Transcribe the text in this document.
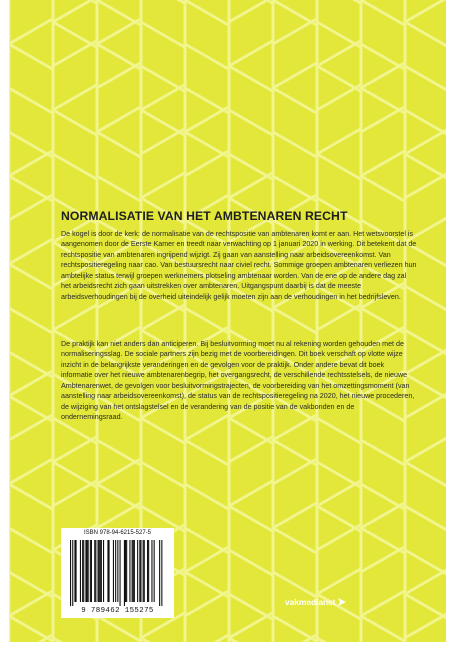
NORMALISATIE VAN HET AMBTENAREN RECHT

De kogel is door de kerk: de normalisatie van de rechtspositie van ambtenaren komt er aan. Het wetsvoorstel is aangenomen door de Eerste Kamer en treedt naar verwachting op 1 januari 2020 in werking. Dit betekent dat de rechtspositie van ambtenaren ingrijpend wijzigt. Zij gaan van aanstelling naar arbeidsovereenkomst. Van rechtspositieregeling naar cao. Van bestuursrecht naar civiel recht. Sommige groepen ambtenaren verliezen hun ambtelijke status terwijl groepen werknemers plotseling ambtenaar worden. Van de ene op de andere dag zal het arbeidsrecht zich gaan uitstrekken over ambtenaren. Uitgangspunt daarbij is dat de meeste arbeidsverhoudingen bij de overheid uiteindelijk gelijk moeten zijn aan de verhoudingen in het bedrijfsleven.

De praktijk kan niet anders dan anticiperen. Bij besluitvorming moet nu al rekening worden gehouden met de normaliseringsslag. De sociale partners zijn bezig met de voorbereidingen. Dit boek verschaft op vlotte wijze inzicht in de belangrijkste veranderingen en de gevolgen voor de praktijk. Onder andere bevat dit boek informatie over het nieuwe ambtenarenbegrip, het overgangsrecht, de verschillende rechtsstelsels, de nieuwe Ambtenarenwet, de gevolgen voor besluitvormingstrajecten, de voorbereiding van het omzettingsmoment (van aanstelling naar arbeidsovereenkomst), de status van de rechtspositieregeling na 2020, het nieuwe procederen, de wijziging van het ontslagstelsel en de verandering van de positie van de vakbonden en de ondernemingsraad.

ISBN 978-94-6215-527-5
9 789462 155275
vakmedianet
